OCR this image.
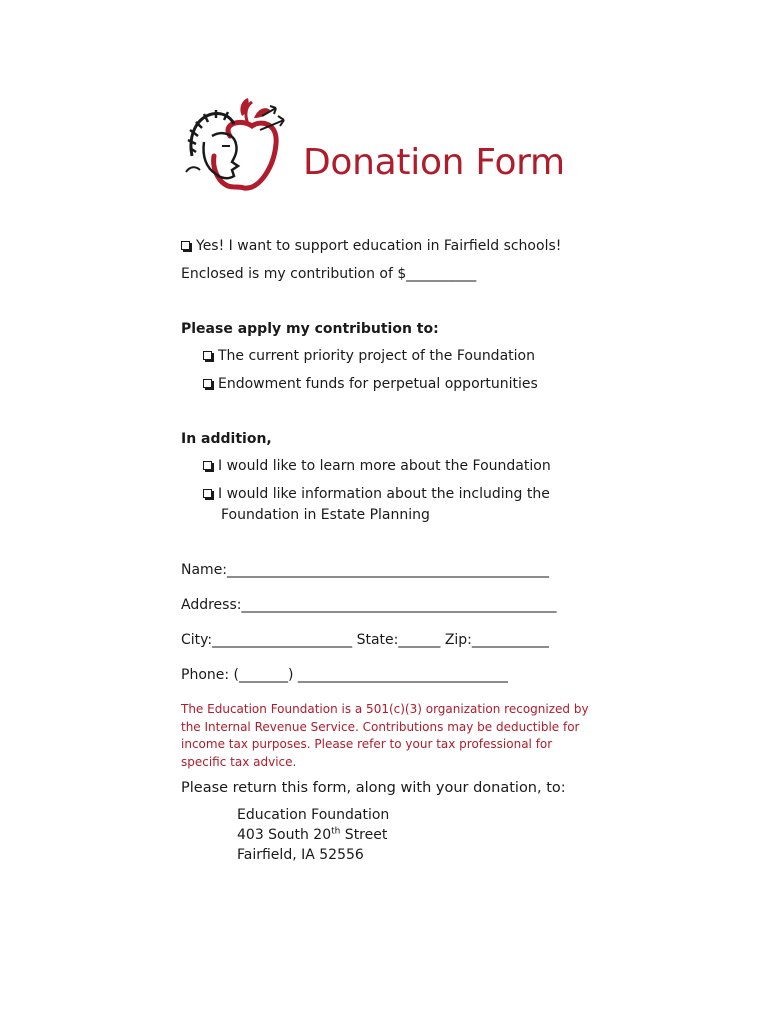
Donation Form
Yes! I want to support education in Fairfield schools!
Enclosed is my contribution of $__________
Please apply my contribution to:
The current priority project of the Foundation
Endowment funds for perpetual opportunities
In addition,
I would like to learn more about the Foundation
I would like information about the including the
Foundation in Estate Planning
Name:______________________________________________
Address:_____________________________________________
City:____________________ State:______ Zip:___________
Phone: (_______) ______________________________
The Education Foundation is a 501(c)(3) organization recognized by the Internal Revenue Service. Contributions may be deductible for income tax purposes. Please refer to your tax professional for specific tax advice.
Please return this form, along with your donation, to:
Education Foundation
403 South 20th Street
Fairfield, IA 52556
